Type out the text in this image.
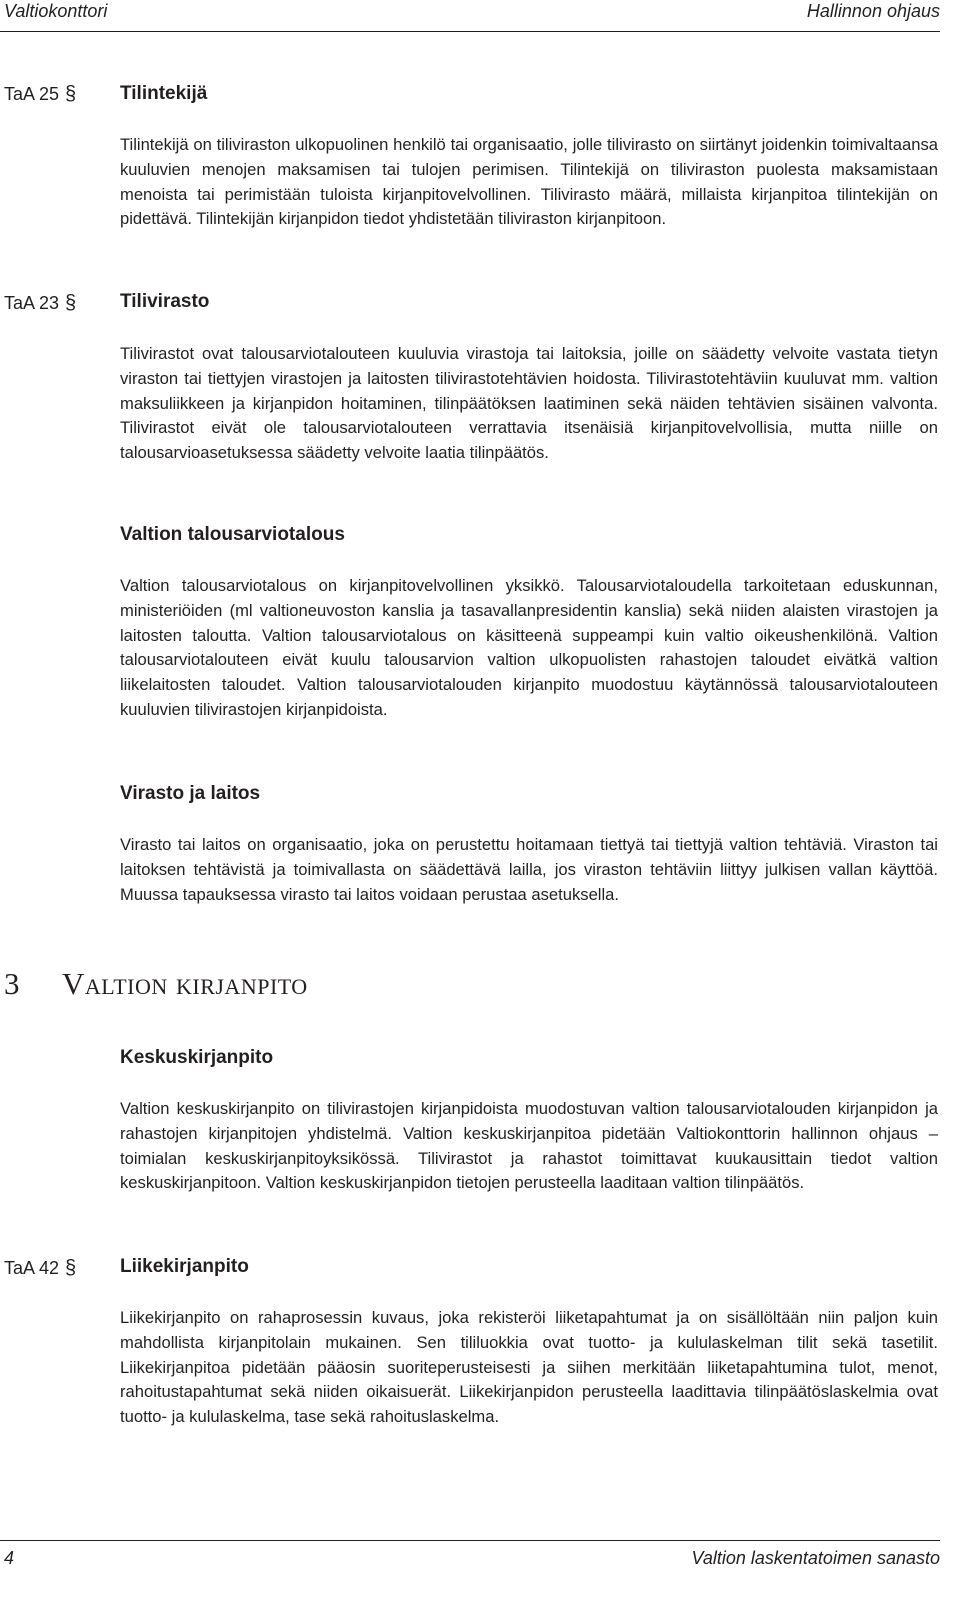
Valtiokonttori	Hallinnon ohjaus
TaA 25 § Tilintekijä
Tilintekijä on tiliviraston ulkopuolinen henkilö tai organisaatio, jolle tilivirasto on siirtänyt joidenkin toimivaltaansa kuuluvien menojen maksamisen tai tulojen perimisen. Tilintekijä on tiliviraston puolesta maksamistaan menoista tai perimistään tuloista kirjanpitovelvollinen. Tilivirasto määrä, millaista kirjanpitoa tilintekijän on pidettävä. Tilintekijän kirjanpidon tiedot yhdistetään tiliviraston kirjanpitoon.
TaA 23 § Tilivirasto
Tilivirastot ovat talousarviotalouteen kuuluvia virastoja tai laitoksia, joille on säädetty velvoite vastata tietyn viraston tai tiettyjen virastojen ja laitosten tilivirastotehtävien hoidosta. Tilivirastotehtäviin kuuluvat mm. valtion maksuliikkeen ja kirjanpidon hoitaminen, tilinpäätöksen laatiminen sekä näiden tehtävien sisäinen valvonta. Tilivirastot eivät ole talousarviotalouteen verrattavia itsenäisiä kirjanpitovelvollisia, mutta niille on talousarvioasetuksessa säädetty velvoite laatia tilinpäätös.
Valtion talousarviotalous
Valtion talousarviotalous on kirjanpitovelvollinen yksikkö. Talousarviotaloudella tarkoitetaan eduskunnan, ministeriöiden (ml valtioneuvoston kanslia ja tasavallanpresidentin kanslia) sekä niiden alaisten virastojen ja laitosten taloutta. Valtion talousarviotalous on käsitteenä suppeampi kuin valtio oikeushenkilönä. Valtion talousarviotalouteen eivät kuulu talousarvion valtion ulkopuolisten rahastojen taloudet eivätkä valtion liikelaitosten taloudet. Valtion talousarviotalouden kirjanpito muodostuu käytännössä talousarviotalouteen kuuluvien tilivirastojen kirjanpidoista.
Virasto ja laitos
Virasto tai laitos on organisaatio, joka on perustettu hoitamaan tiettyä tai tiettyjä valtion tehtäviä. Viraston tai laitoksen tehtävistä ja toimivallasta on säädettävä lailla, jos viraston tehtäviin liittyy julkisen vallan käyttöä. Muussa tapauksessa virasto tai laitos voidaan perustaa asetuksella.
3 Valtion kirjanpito
Keskuskirjanpito
Valtion keskuskirjanpito on tilivirastojen kirjanpidoista muodostuvan valtion talousarviotalouden kirjanpidon ja rahastojen kirjanpitojen yhdistelmä. Valtion keskuskirjanpitoa pidetään Valtiokonttorin hallinnon ohjaus – toimialan keskuskirjanpitoyksikössä. Tilivirastot ja rahastot toimittavat kuukausittain tiedot valtion keskuskirjanpitoon. Valtion keskuskirjanpidon tietojen perusteella laaditaan valtion tilinpäätös.
TaA 42 § Liikekirjanpito
Liikekirjanpito on rahaprosessin kuvaus, joka rekisteröi liiketapahtumat ja on sisällöltään niin paljon kuin mahdollista kirjanpitolain mukainen. Sen tililuokkia ovat tuotto- ja kululaskelman tilit sekä tasetilit. Liikekirjanpitoa pidetään pääosin suoriteperusteisesti ja siihen merkitään liiketapahtumina tulot, menot, rahoitustapahtumat sekä niiden oikaisuerät. Liikekirjanpidon perusteella laadittavia tilinpäätöslaskelmia ovat tuotto- ja kululaskelma, tase sekä rahoituslaskelma.
4	Valtion laskentatoimen sanasto
